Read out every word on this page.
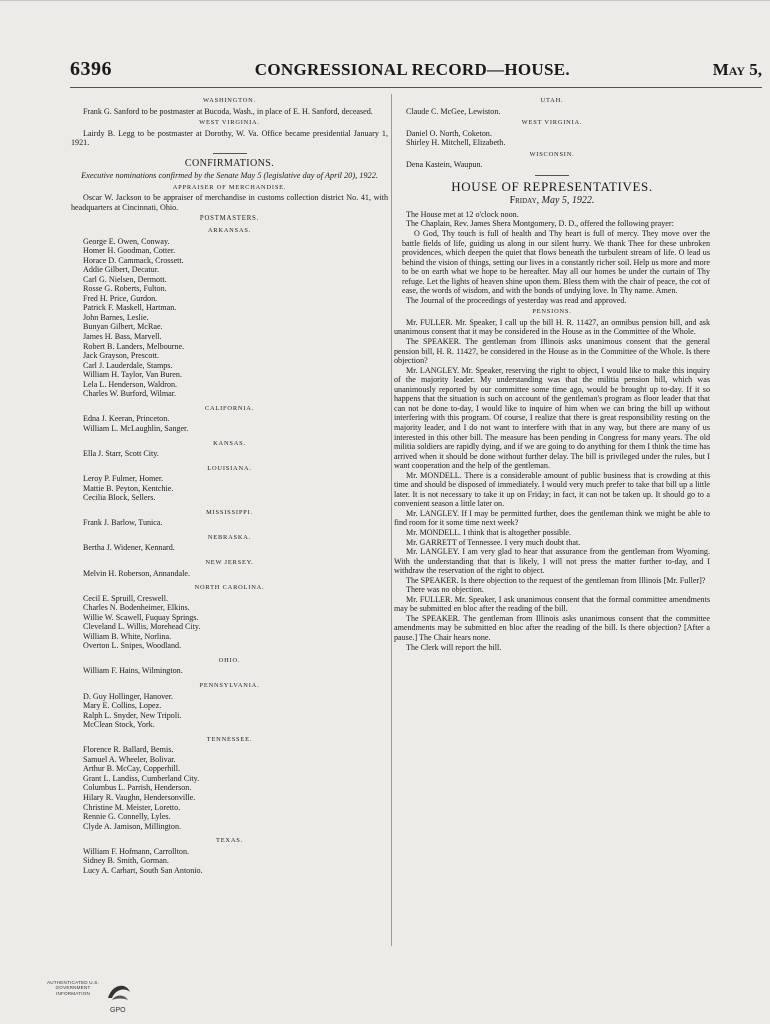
6396	CONGRESSIONAL RECORD—HOUSE.	May 5,
WASHINGTON.

Frank G. Sanford to be postmaster at Bucoda, Wash., in place of E. H. Sanford, deceased.

WEST VIRGINIA.

Lairdy B. Legg to be postmaster at Dorothy, W. Va. Office became presidential January 1, 1921.

CONFIRMATIONS.

Executive nominations confirmed by the Senate May 5 (legislative day of April 20), 1922.

APPRAISER OF MERCHANDISE.

Oscar W. Jackson to be appraiser of merchandise in customs collection district No. 41, with headquarters at Cincinnati, Ohio.

POSTMASTERS.
ARKANSAS.
George E. Owen, Conway.
Homer H. Goodman, Cotter.
Horace D. Cammack, Crossett.
Addie Gilbert, Decatur.
Carl G. Nielsen, Dermott.
Rosse G. Roberts, Fulton.
Fred H. Price, Gurdon.
Patrick F. Maskell, Hartman.
John Barnes, Leslie.
Bunyan Gilbert, McRae.
James H. Bass, Marvell.
Robert B. Landers, Melbourne.
Jack Grayson, Prescott.
Carl J. Lauderdale, Stamps.
William H. Taylor, Van Buren.
Lela L. Henderson, Waldron.
Charles W. Burford, Wilmar.
CALIFORNIA.
Edna J. Keeran, Princeton.
William L. McLaughlin, Sanger.
KANSAS.
Ella J. Starr, Scott City.
LOUISIANA.
Leroy P. Fulmer, Homer.
Mattie B. Peyton, Kentchie.
Cecilia Block, Sellers.
MISSISSIPPI.
Frank J. Barlow, Tunica.
NEBRASKA.
Bertha J. Widener, Kennard.
NEW JERSEY.
Melvin H. Roberson, Annandale.
NORTH CAROLINA.
Cecil E. Spruill, Creswell.
Charles N. Bodenheimer, Elkins.
Willie W. Scawell, Fuquay Springs.
Cleveland L. Willis, Morehead City.
William B. White, Norlina.
Overton L. Snipes, Woodland.
OHIO.
William F. Hains, Wilmington.
PENNSYLVANIA.
D. Guy Hollinger, Hanover.
Mary E. Collins, Lopez.
Ralph L. Snyder, New Tripoli.
McClean Stock, York.
TENNESSEE.
Florence R. Ballard, Bemis.
Samuel A. Wheeler, Bolivar.
Arthur B. McCay, Copperhill.
Grant L. Landiss, Cumberland City.
Columbus L. Parrish, Henderson.
Hilary R. Vaughn, Hendersonville.
Christine M. Meister, Loretto.
Rennie G. Connelly, Lyles.
Clyde A. Jamison, Millington.
TEXAS.
William F. Hofmann, Carrollton.
Sidney B. Smith, Gorman.
Lucy A. Carhart, South San Antonio.
UTAH.
Claude C. McGee, Lewiston.
WEST VIRGINIA.
Daniel O. North, Coketon.
Shirley H. Mitchell, Elizabeth.
WISCONSIN.
Dena Kastein, Waupun.
HOUSE OF REPRESENTATIVES.
Friday, May 5, 1922.

The House met at 12 o'clock noon.

The Chaplain, Rev. James Shera Montgomery, D. D., offered the following prayer:

O God, Thy touch is full of health and Thy heart is full of mercy. They move over the battle fields of life, guiding us along in our silent hurry. We thank Thee for these unbroken providences, which deepen the quiet that flows beneath the turbulent stream of life. O lead us behind the vision of things, setting our lives in a constantly richer soil. Help us more and more to be on earth what we hope to be hereafter. May all our homes be under the curtain of Thy refuge. Let the lights of heaven shine upon them. Bless them with the chair of peace, the cot of ease, the words of wisdom, and with the bonds of undying love. In Thy name. Amen.

The Journal of the proceedings of yesterday was read and approved.

PENSIONS.

Mr. FULLER. Mr. Speaker, I call up the bill H. R. 11427, an omnibus pension bill, and ask unanimous consent that it may be considered in the House as in the Committee of the Whole.

The SPEAKER. The gentleman from Illinois asks unanimous consent that the general pension bill, H. R. 11427, be considered in the House as in the Committee of the Whole. Is there objection?

Mr. LANGLEY. Mr. Speaker, reserving the right to object, I would like to make this inquiry of the majority leader. My understanding was that the militia pension bill, which was unanimously reported by our committee some time ago, would be brought up to-day. If it so happens that the situation is such on account of the gentleman's program as floor leader that that can not be done to-day, I would like to inquire of him when we can bring the bill up without interfering with this program. Of course, I realize that there is great responsibility resting on the majority leader, and I do not want to interfere with that in any way, but there are many of us interested in this other bill. The measure has been pending in Congress for many years. The old militia soldiers are rapidly dying, and if we are going to do anything for them I think the time has arrived when it should be done without further delay. The bill is privileged under the rules, but I want cooperation and the help of the gentleman.

Mr. MONDELL. There is a considerable amount of public business that is crowding at this time and should be disposed of immediately. I would very much prefer to take that bill up a little later. It is not necessary to take it up on Friday; in fact, it can not be taken up. It should go to a convenient season a little later on.

Mr. LANGLEY. If I may be permitted further, does the gentleman think we might be able to find room for it some time next week?

Mr. MONDELL. I think that is altogether possible.

Mr. GARRETT of Tennessee. I very much doubt that.

Mr. LANGLEY. I am very glad to hear that assurance from the gentleman from Wyoming. With the understanding that that is likely, I will not press the matter further to-day, and I withdraw the reservation of the right to object.

The SPEAKER. Is there objection to the request of the gentleman from Illinois [Mr. Fuller]?

There was no objection.

Mr. FULLER. Mr. Speaker, I ask unanimous consent that the formal committee amendments may be submitted en bloc after the reading of the bill.

The SPEAKER. The gentleman from Illinois asks unanimous consent that the committee amendments may be submitted en bloc after the reading of the bill. Is there objection? [After a pause.] The Chair hears none.

The Clerk will report the bill.

AUTHENTICATED U.S. GOVERNMENT INFORMATION
GPO
